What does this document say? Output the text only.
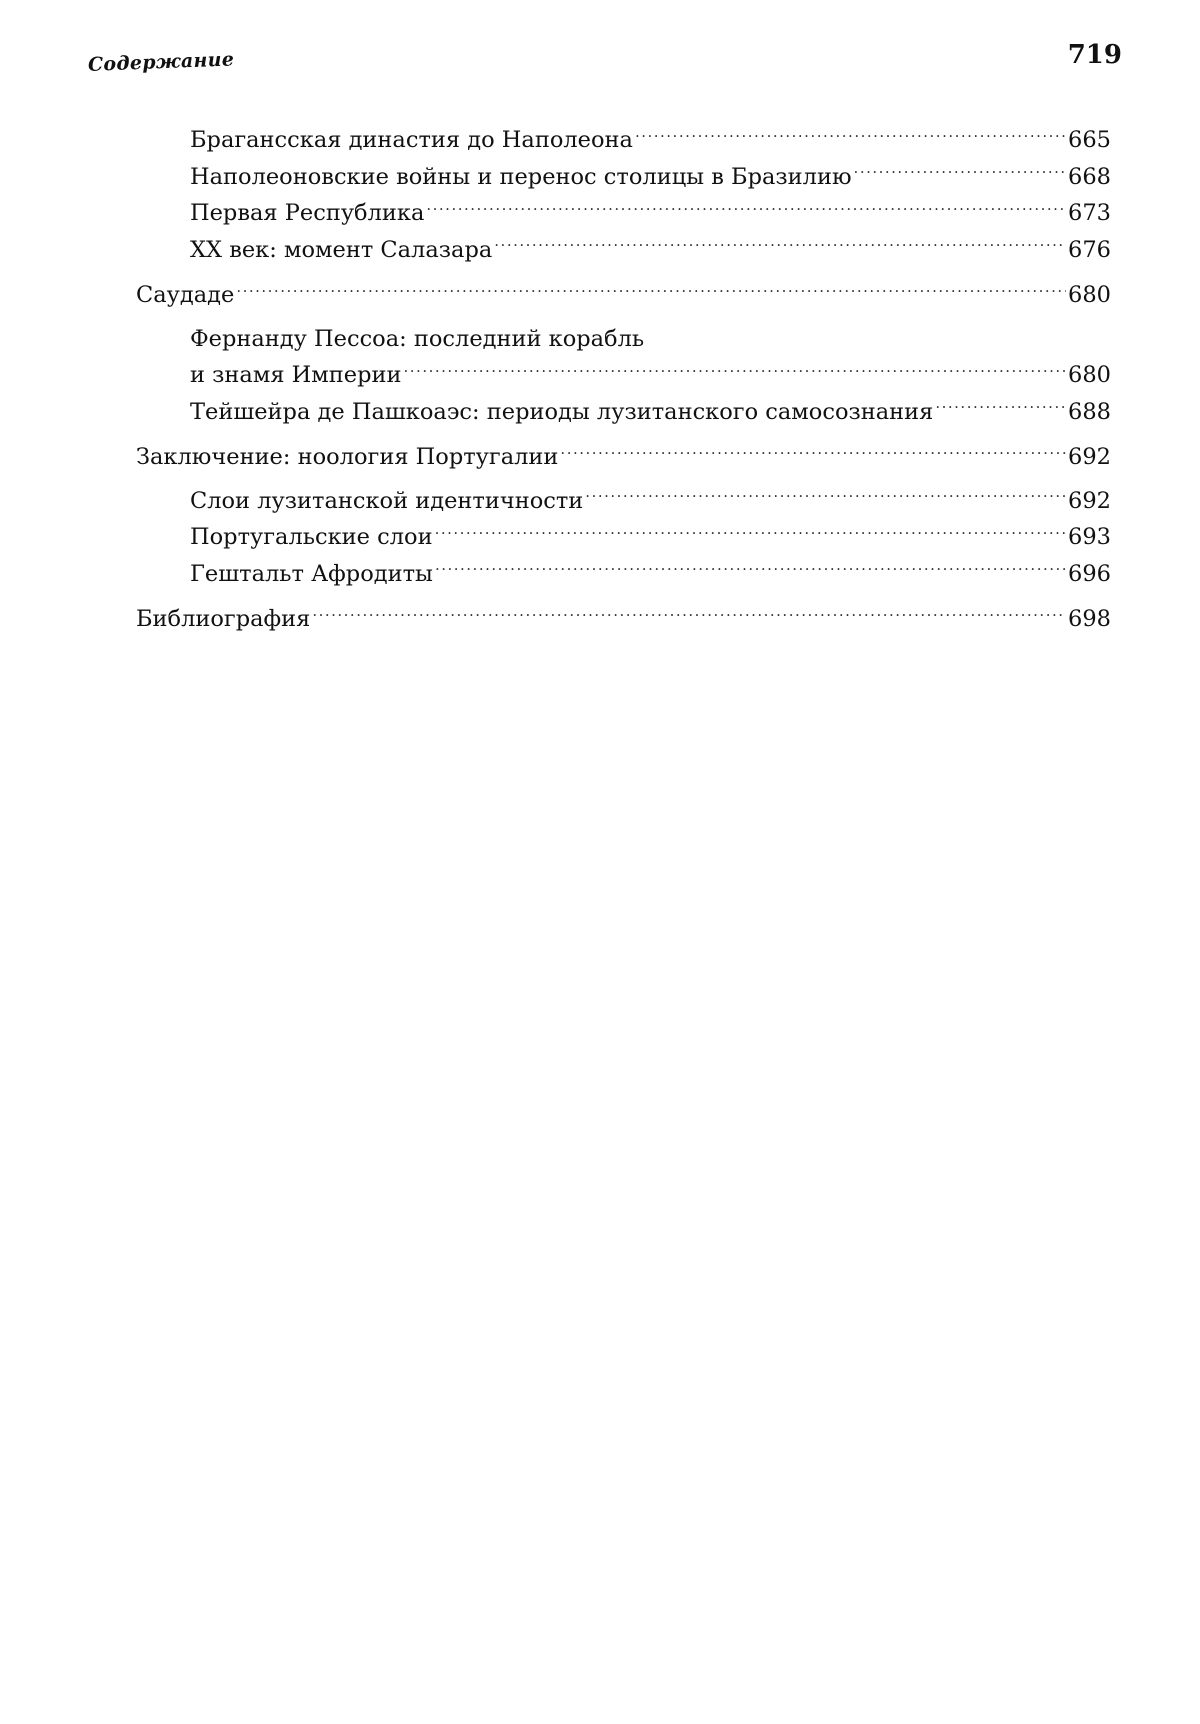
Содержание	719
Брагансская династия до Наполеона .....	665
Наполеоновские войны и перенос столицы в Бразилию .....	668
Первая Республика .....	673
XX век: момент Салазара .....	676
Саудаде .....	680
Фернанду Пессоа: последний корабль
и знамя Империи .....	680
Тейшейра де Пашкоаэс: периоды лузитанского самосознания .....	688
Заключение: ноология Португалии .....	692
Слои лузитанской идентичности .....	692
Португальские слои .....	693
Гештальт Афродиты .....	696
Библиография .....	698
